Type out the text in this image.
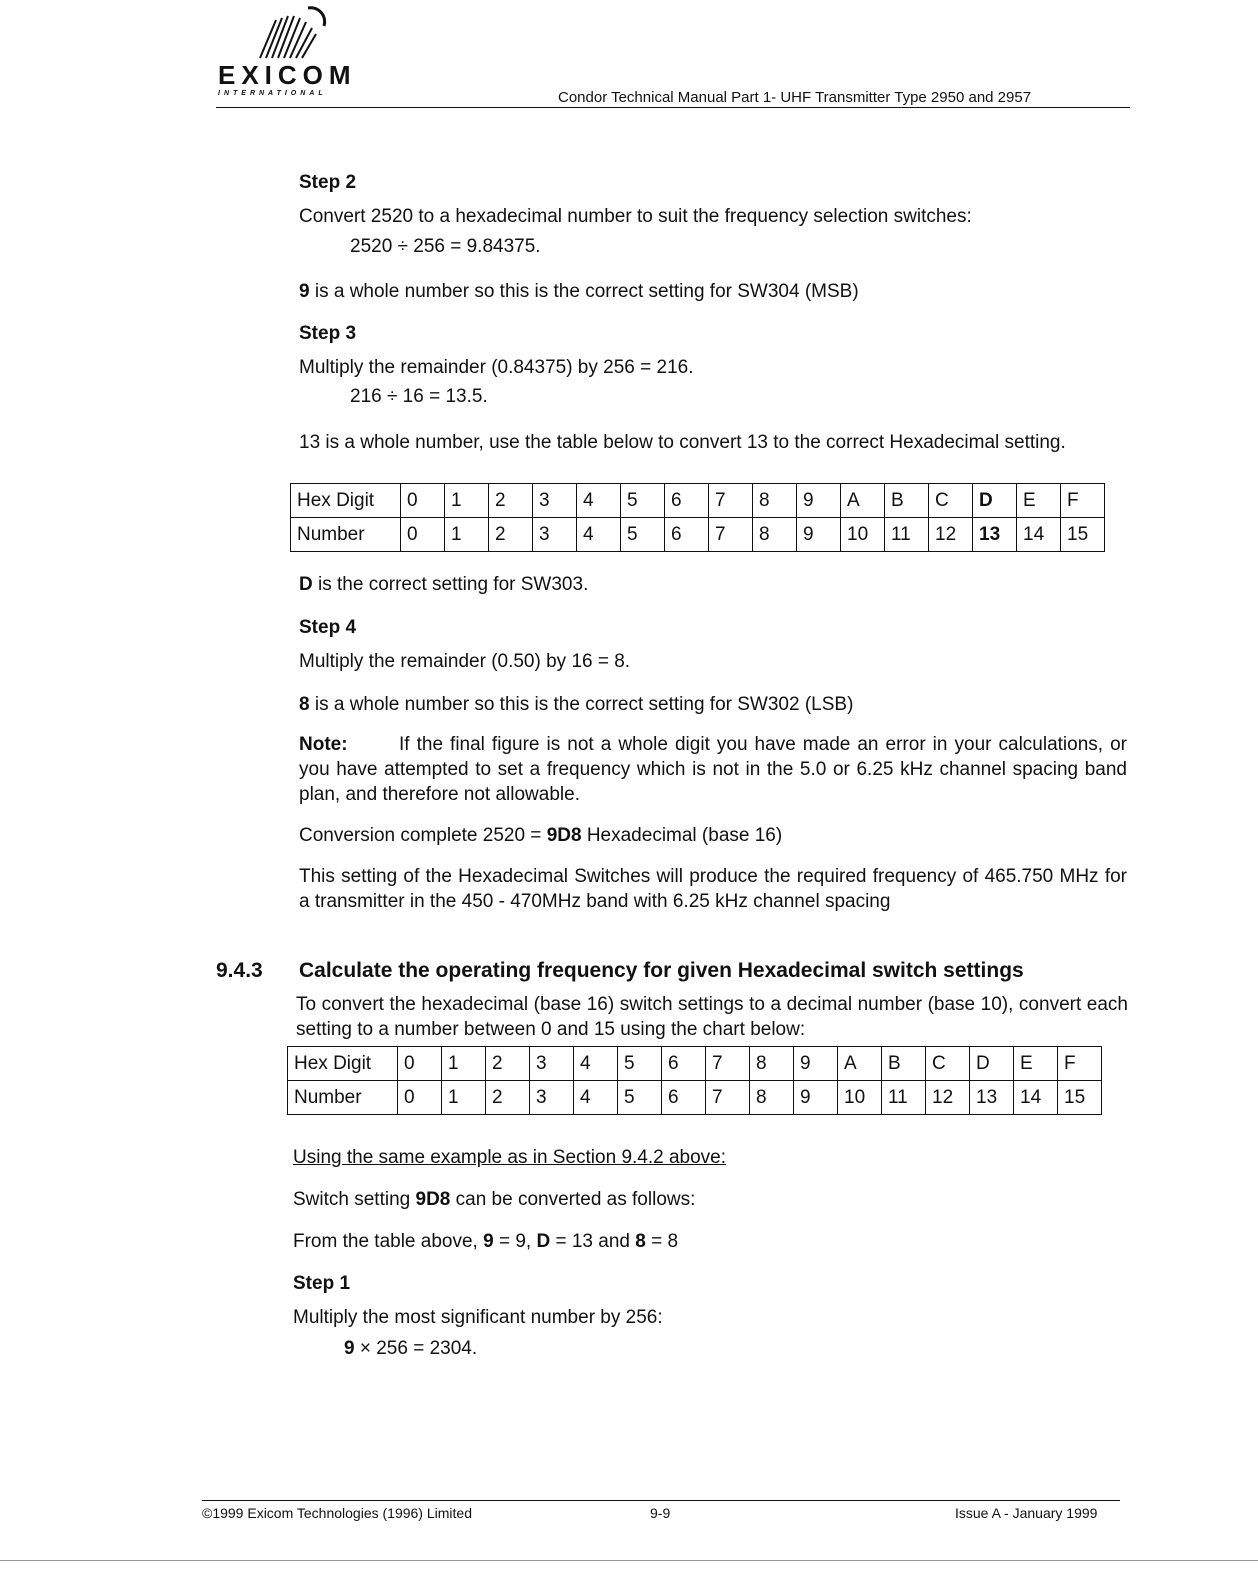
EXICOM
INTERNATIONAL	Condor Technical Manual Part 1- UHF Transmitter Type 2950 and 2957
Step 2
Convert 2520 to a hexadecimal number to suit the frequency selection switches:
2520 ÷ 256 = 9.84375.
9 is a whole number so this is the correct setting for SW304 (MSB)
Step 3
Multiply the remainder (0.84375) by 256 = 216.
216 ÷ 16 = 13.5.
13 is a whole number, use the table below to convert 13 to the correct Hexadecimal setting.
Hex Digit	0	1	2	3	4	5	6	7	8	9	A	B	C	D	E	F
Number	0	1	2	3	4	5	6	7	8	9	10	11	12	13	14	15
D is the correct setting for SW303.
Step 4
Multiply the remainder (0.50) by 16 = 8.
8 is a whole number so this is the correct setting for SW302 (LSB)
Note:	If the final figure is not a whole digit you have made an error in your calculations, or you have attempted to set a frequency which is not in the 5.0 or 6.25 kHz channel spacing band plan, and therefore not allowable.
Conversion complete 2520 = 9D8 Hexadecimal (base 16)
This setting of the Hexadecimal Switches will produce the required frequency of 465.750 MHz for a transmitter in the 450 - 470MHz band with 6.25 kHz channel spacing
9.4.3 Calculate the operating frequency for given Hexadecimal switch settings
To convert the hexadecimal (base 16) switch settings to a decimal number (base 10), convert each setting to a number between 0 and 15 using the chart below:
Hex Digit	0	1	2	3	4	5	6	7	8	9	A	B	C	D	E	F
Number	0	1	2	3	4	5	6	7	8	9	10	11	12	13	14	15
Using the same example as in Section 9.4.2 above:
Switch setting 9D8 can be converted as follows:
From the table above, 9 = 9, D = 13 and 8 = 8
Step 1
Multiply the most significant number by 256:
9 × 256 = 2304.
©1999 Exicom Technologies (1996) Limited	9-9	Issue A - January 1999
